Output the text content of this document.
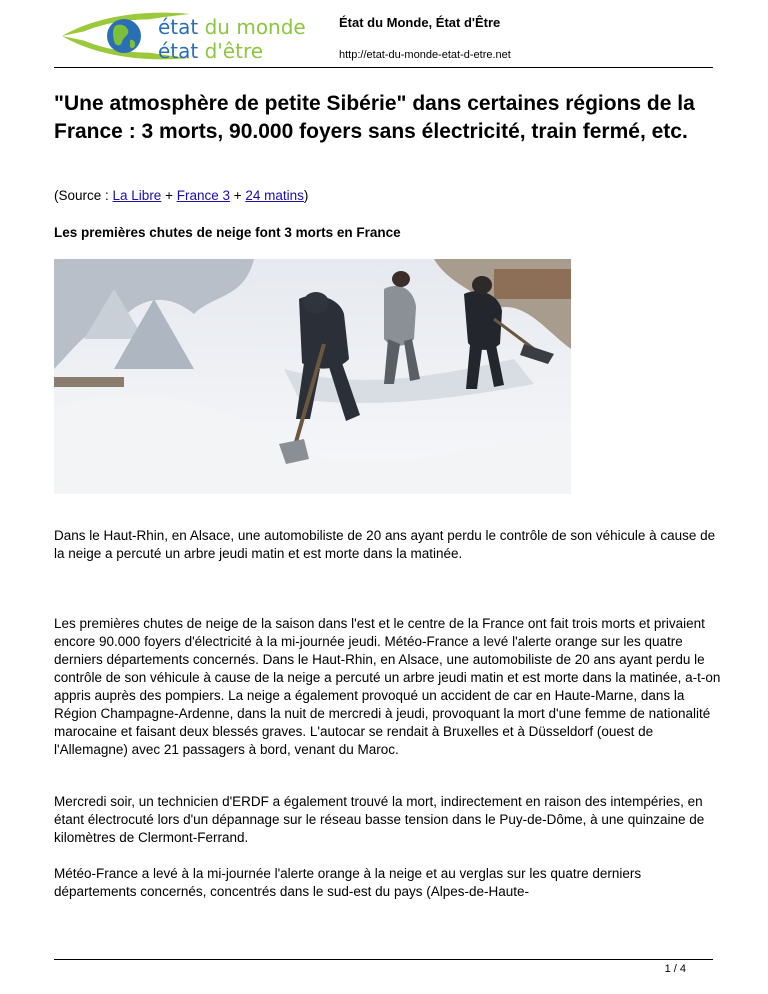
état du monde
état d'être
État du Monde, État d'Être
http://etat-du-monde-etat-d-etre.net
"Une atmosphère de petite Sibérie" dans certaines régions de la France : 3 morts, 90.000 foyers sans électricité, train fermé, etc.
(Source : La Libre + France 3 + 24 matins)
Les premières chutes de neige font 3 morts en France

Dans le Haut-Rhin, en Alsace, une automobiliste de 20 ans ayant perdu le contrôle de son véhicule à cause de la neige a percuté un arbre jeudi matin et est morte dans la matinée.

Les premières chutes de neige de la saison dans l'est et le centre de la France ont fait trois morts et privaient encore 90.000 foyers d'électricité à la mi-journée jeudi. Météo-France a levé l'alerte orange sur les quatre derniers départements concernés. Dans le Haut-Rhin, en Alsace, une automobiliste de 20 ans ayant perdu le contrôle de son véhicule à cause de la neige a percuté un arbre jeudi matin et est morte dans la matinée, a-t-on appris auprès des pompiers. La neige a également provoqué un accident de car en Haute-Marne, dans la Région Champagne-Ardenne, dans la nuit de mercredi à jeudi, provoquant la mort d'une femme de nationalité marocaine et faisant deux blessés graves. L'autocar se rendait à Bruxelles et à Düsseldorf (ouest de l'Allemagne) avec 21 passagers à bord, venant du Maroc.

Mercredi soir, un technicien d'ERDF a également trouvé la mort, indirectement en raison des intempéries, en étant électrocuté lors d'un dépannage sur le réseau basse tension dans le Puy-de-Dôme, à une quinzaine de kilomètres de Clermont-Ferrand.

Météo-France a levé à la mi-journée l'alerte orange à la neige et au verglas sur les quatre derniers départements concernés, concentrés dans le sud-est du pays (Alpes-de-Haute-

1 / 4
